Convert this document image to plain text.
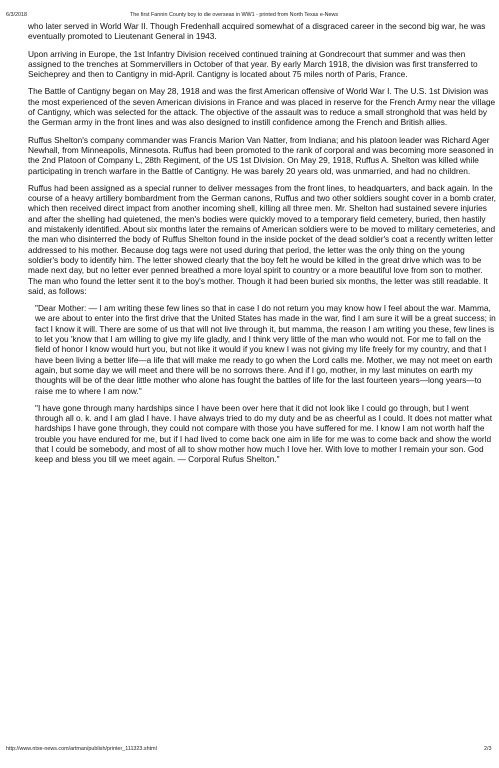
6/3/2018	The first Fannin County boy to die overseas in WW1 - printed from North Texas e-News

who later served in World War II. Though Fredenhall acquired somewhat of a disgraced career in the second big war, he was eventually promoted to Lieutenant General in 1943.

Upon arriving in Europe, the 1st Infantry Division received continued training at Gondrecourt that summer and was then assigned to the trenches at Sommervillers in October of that year. By early March 1918, the division was first transferred to Seicheprey and then to Cantigny in mid-April. Cantigny is located about 75 miles north of Paris, France.

The Battle of Cantigny began on May 28, 1918 and was the first American offensive of World War I. The U.S. 1st Division was the most experienced of the seven American divisions in France and was placed in reserve for the French Army near the village of Cantigny, which was selected for the attack. The objective of the assault was to reduce a small stronghold that was held by the German army in the front lines and was also designed to instill confidence among the French and British allies.

Ruffus Shelton's company commander was Francis Marion Van Natter, from Indiana; and his platoon leader was Richard Ager Newhall, from Minneapolis, Minnesota. Ruffus had been promoted to the rank of corporal and was becoming more seasoned in the 2nd Platoon of Company L, 28th Regiment, of the US 1st Division. On May 29, 1918, Ruffus A. Shelton was killed while participating in trench warfare in the Battle of Cantigny. He was barely 20 years old, was unmarried, and had no children.

Ruffus had been assigned as a special runner to deliver messages from the front lines, to headquarters, and back again. In the course of a heavy artillery bombardment from the German canons, Ruffus and two other soldiers sought cover in a bomb crater, which then received direct impact from another incoming shell, killing all three men. Mr. Shelton had sustained severe injuries and after the shelling had quietened, the men's bodies were quickly moved to a temporary field cemetery, buried, then hastily and mistakenly identified. About six months later the remains of American soldiers were to be moved to military cemeteries, and the man who disinterred the body of Ruffus Shelton found in the inside pocket of the dead soldier's coat a recently written letter addressed to his mother. Because dog tags were not used during that period, the letter was the only thing on the young soldier's body to identify him. The letter showed clearly that the boy felt he would be killed in the great drive which was to be made next day, but no letter ever penned breathed a more loyal spirit to country or a more beautiful love from son to mother. The man who found the letter sent it to the boy's mother. Though it had been buried six months, the letter was still readable. It said, as follows:

"Dear Mother: — I am writing these few lines so that in case I do not return you may know how I feel about the war. Mamma, we are about to enter into the first drive that the United States has made in the war, find I am sure it will be a great success; in fact I know it will. There are some of us that will not live through it, but mamma, the reason I am writing you these, few lines is to let you 'know that I am willing to give my life gladly, and I think very little of the man who would not. For me to fall on the field of honor I know would hurt you, but not like it would if you knew I was not giving my life freely for my country, and that I have been living a better life—a life that will make me ready to go when the Lord calls me. Mother, we may not meet on earth again, but some day we will meet and there will be no sorrows there. And if I go, mother, in my last minutes on earth my thoughts will be of the dear little mother who alone has fought the battles of life for the last fourteen years—long years—to raise me to where I am now."

"I have gone through many hardships since I have been over here that it did not look like I could go through, but I went through all o. k. and I am glad I have. I have always tried to do my duty and be as cheerful as I could. It does not matter what hardships I have gone through, they could not compare with those you have suffered for me. I know I am not worth half the trouble you have endured for me, but if I had lived to come back one aim in life for me was to come back and show the world that I could be somebody, and most of all to show mother how much I love her. With love to mother I remain your son. God keep and bless you till we meet again. — Corporal Rufus Shelton."

http://www.ntxe-news.com/artman/publish/printer_111323.shtml	2/3
